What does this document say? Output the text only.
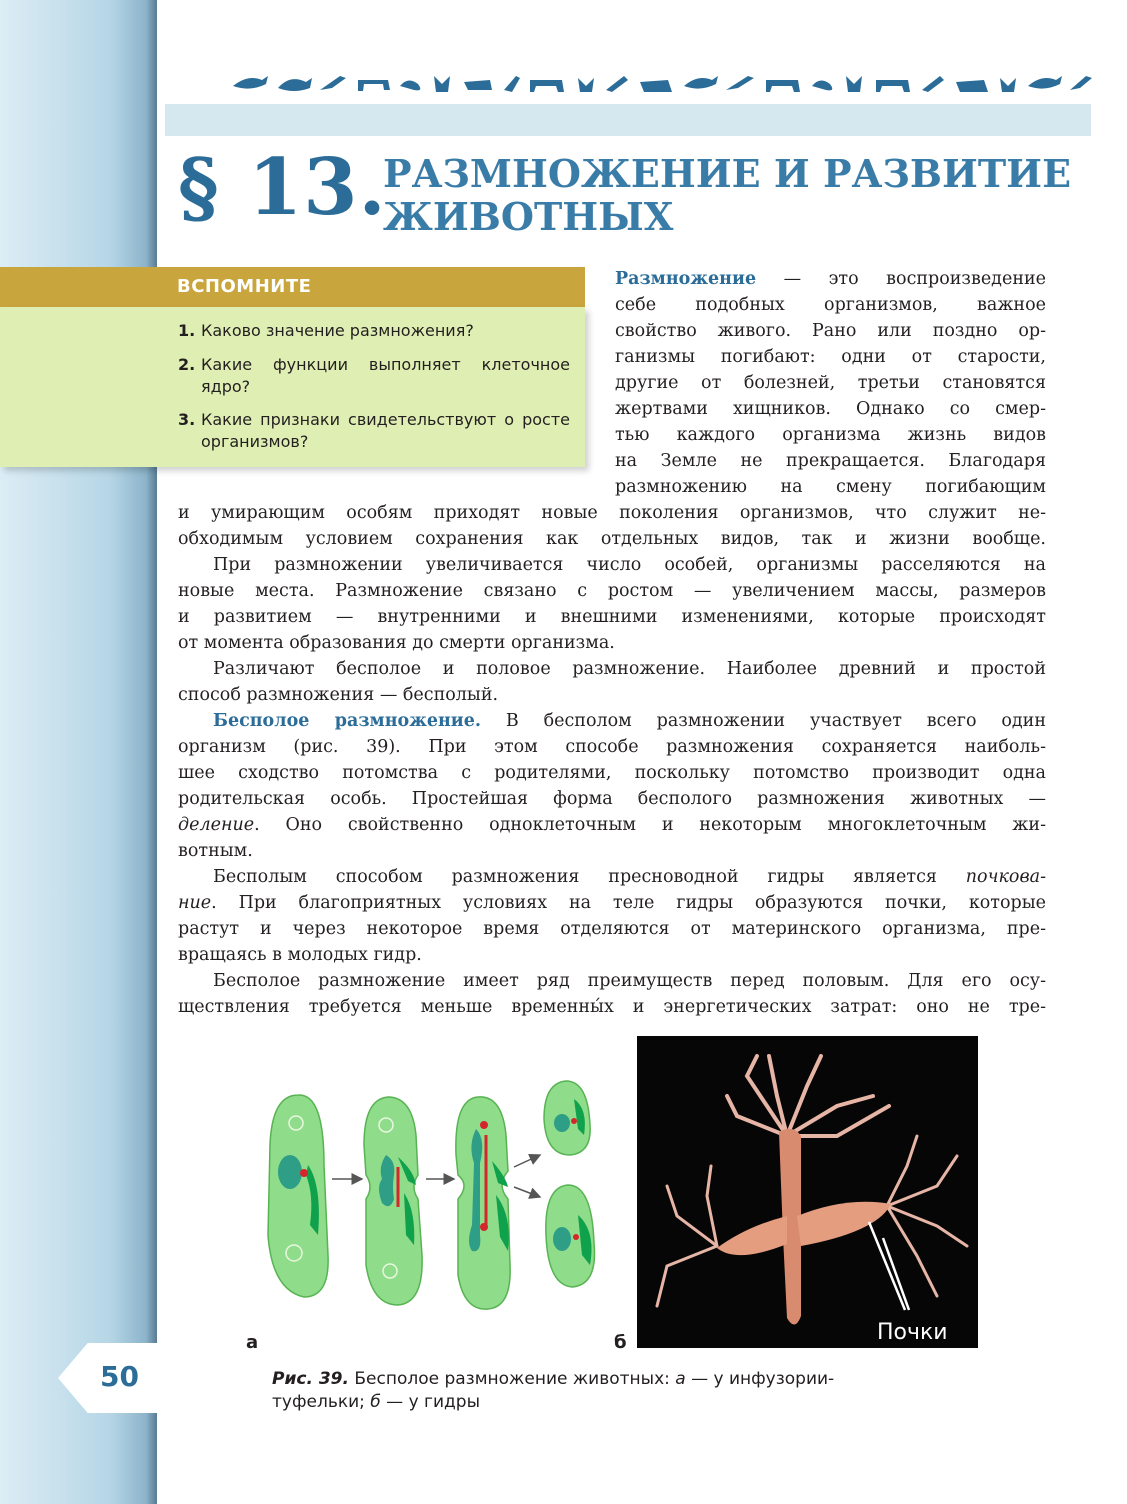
§ 13.
РАЗМНОЖЕНИЕ И РАЗВИТИЕ
ЖИВОТНЫХ
ВСПОМНИТЕ
1. Каково значение размножения?
2. Какие функции выполняет клеточное ядро?
3. Какие признаки свидетельствуют о росте организмов?
Размножение — это воспроизведение
себе подобных организмов, важное
свойство живого. Рано или поздно ор-
ганизмы погибают: одни от старости,
другие от болезней, третьи становятся
жертвами хищников. Однако со смер-
тью каждого организма жизнь видов
на Земле не прекращается. Благодаря
размножению на смену погибающим
и умирающим особям приходят новые поколения организмов, что служит не-
обходимым условием сохранения как отдельных видов, так и жизни вообще.
При размножении увеличивается число особей, организмы расселяются на
новые места. Размножение связано с ростом — увеличением массы, размеров
и развитием — внутренними и внешними изменениями, которые происходят
от момента образования до смерти организма.
Различают бесполое и половое размножение. Наиболее древний и простой
способ размножения — бесполый.
Бесполое размножение. В бесполом размножении участвует всего один
организм (рис. 39). При этом способе размножения сохраняется наиболь-
шее сходство потомства с родителями, поскольку потомство производит одна
родительская особь. Простейшая форма бесполого размножения животных —
деление. Оно свойственно одноклеточным и некоторым многоклеточным жи-
вотным.
Бесполым способом размножения пресноводной гидры является почкова-
ние. При благоприятных условиях на теле гидры образуются почки, которые
растут и через некоторое время отделяются от материнского организма, пре-
вращаясь в молодых гидр.
Бесполое размножение имеет ряд преимуществ перед половым. Для его осу-
ществления требуется меньше временны́х и энергетических затрат: оно не тре-
а	Почки
б
Рис. 39. Бесполое размножение животных: а — у инфузории-
туфельки; б — у гидры
50
